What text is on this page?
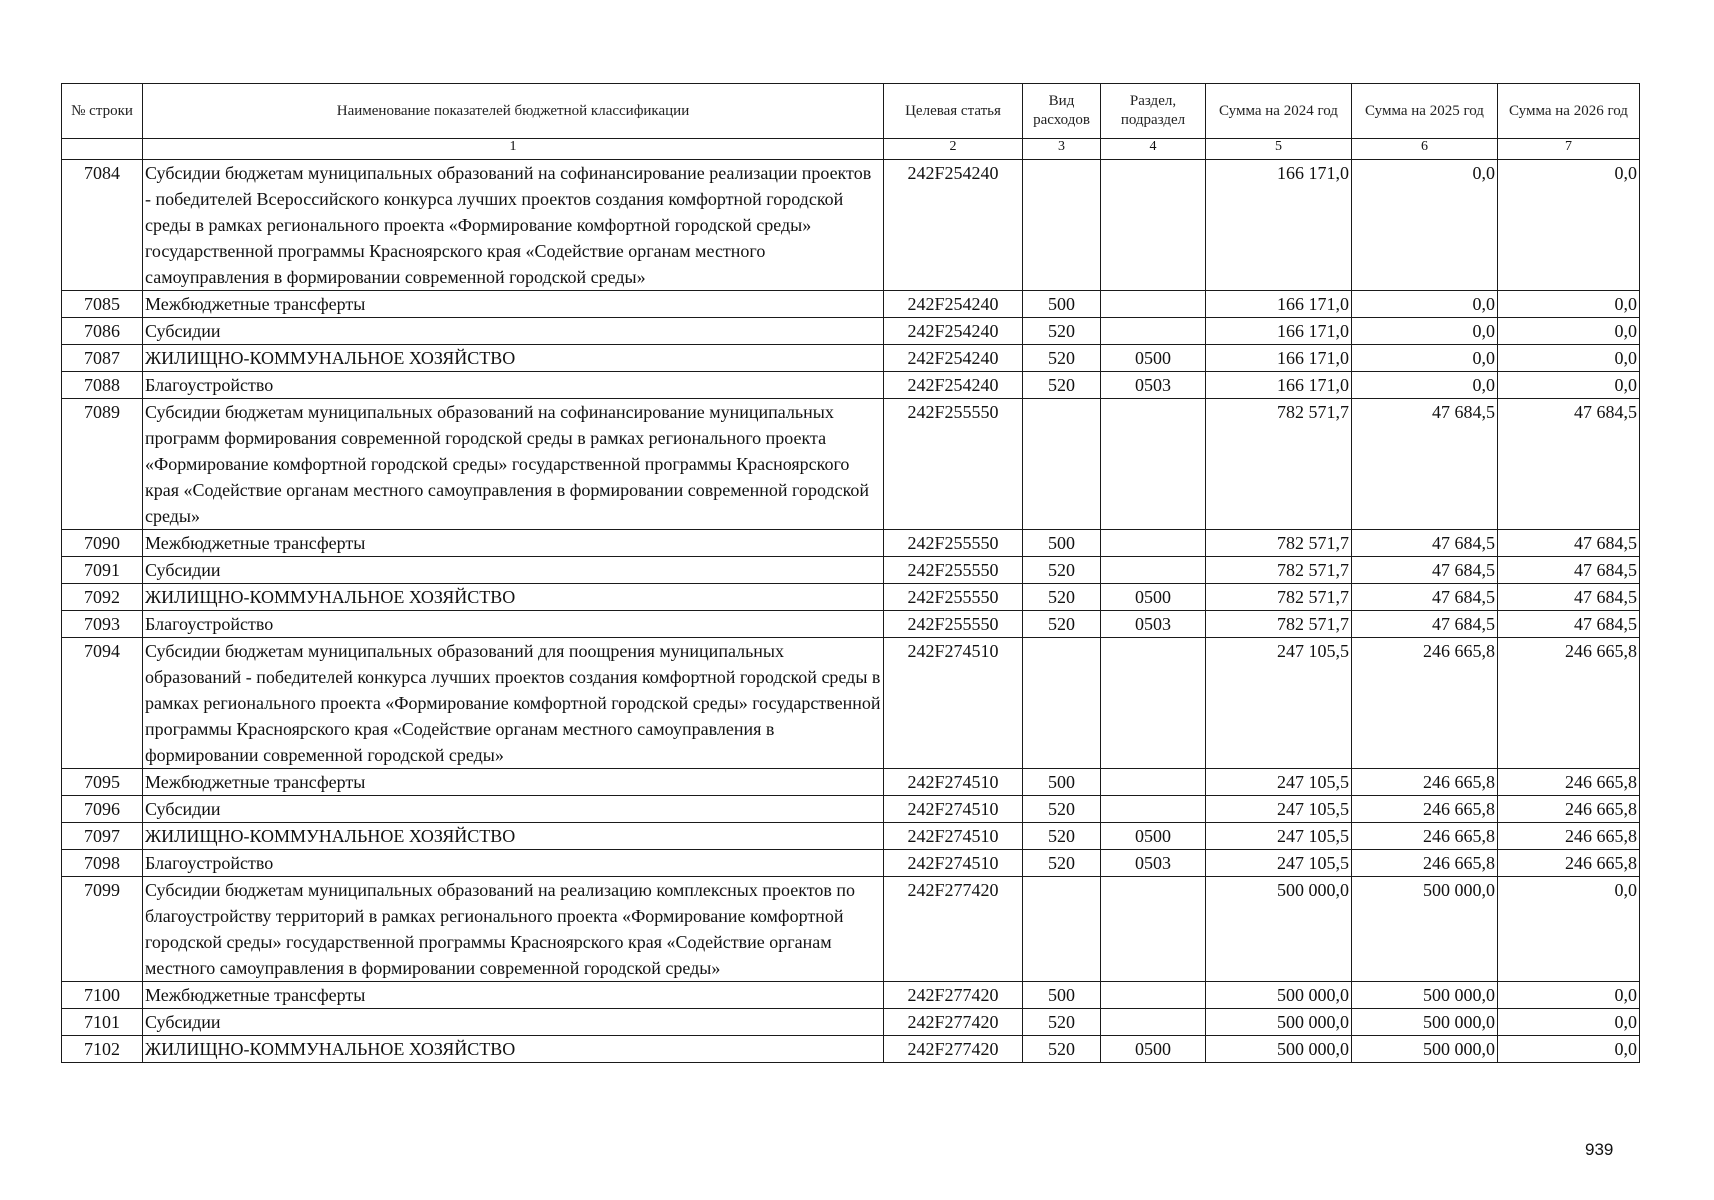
№ строки	Наименование показателей бюджетной классификации	Целевая статья	Вид расходов	Раздел, подраздел	Сумма на 2024 год	Сумма на 2025 год	Сумма на 2026 год
	1	2	3	4	5	6	7
7084	Субсидии бюджетам муниципальных образований на софинансирование реализации проектов - победителей Всероссийского конкурса лучших проектов создания комфортной городской среды в рамках регионального проекта «Формирование комфортной городской среды» государственной программы Красноярского края «Содействие органам местного самоуправления в формировании современной городской среды»	242F254240			166 171,0	0,0	0,0
7085	Межбюджетные трансферты	242F254240	500		166 171,0	0,0	0,0
7086	Субсидии	242F254240	520		166 171,0	0,0	0,0
7087	ЖИЛИЩНО-КОММУНАЛЬНОЕ ХОЗЯЙСТВО	242F254240	520	0500	166 171,0	0,0	0,0
7088	Благоустройство	242F254240	520	0503	166 171,0	0,0	0,0
7089	Субсидии бюджетам муниципальных образований на софинансирование муниципальных программ формирования современной городской среды в рамках регионального проекта «Формирование комфортной городской среды» государственной программы Красноярского края «Содействие органам местного самоуправления в формировании современной городской среды»	242F255550			782 571,7	47 684,5	47 684,5
7090	Межбюджетные трансферты	242F255550	500		782 571,7	47 684,5	47 684,5
7091	Субсидии	242F255550	520		782 571,7	47 684,5	47 684,5
7092	ЖИЛИЩНО-КОММУНАЛЬНОЕ ХОЗЯЙСТВО	242F255550	520	0500	782 571,7	47 684,5	47 684,5
7093	Благоустройство	242F255550	520	0503	782 571,7	47 684,5	47 684,5
7094	Субсидии бюджетам муниципальных образований для поощрения муниципальных образований - победителей конкурса лучших проектов создания комфортной городской среды в рамках регионального проекта «Формирование комфортной городской среды» государственной программы Красноярского края «Содействие органам местного самоуправления в формировании современной городской среды»	242F274510			247 105,5	246 665,8	246 665,8
7095	Межбюджетные трансферты	242F274510	500		247 105,5	246 665,8	246 665,8
7096	Субсидии	242F274510	520		247 105,5	246 665,8	246 665,8
7097	ЖИЛИЩНО-КОММУНАЛЬНОЕ ХОЗЯЙСТВО	242F274510	520	0500	247 105,5	246 665,8	246 665,8
7098	Благоустройство	242F274510	520	0503	247 105,5	246 665,8	246 665,8
7099	Субсидии бюджетам муниципальных образований на реализацию комплексных проектов по благоустройству территорий в рамках регионального проекта «Формирование комфортной городской среды» государственной программы Красноярского края «Содействие органам местного самоуправления в формировании современной городской среды»	242F277420			500 000,0	500 000,0	0,0
7100	Межбюджетные трансферты	242F277420	500		500 000,0	500 000,0	0,0
7101	Субсидии	242F277420	520		500 000,0	500 000,0	0,0
7102	ЖИЛИЩНО-КОММУНАЛЬНОЕ ХОЗЯЙСТВО	242F277420	520	0500	500 000,0	500 000,0	0,0
939
